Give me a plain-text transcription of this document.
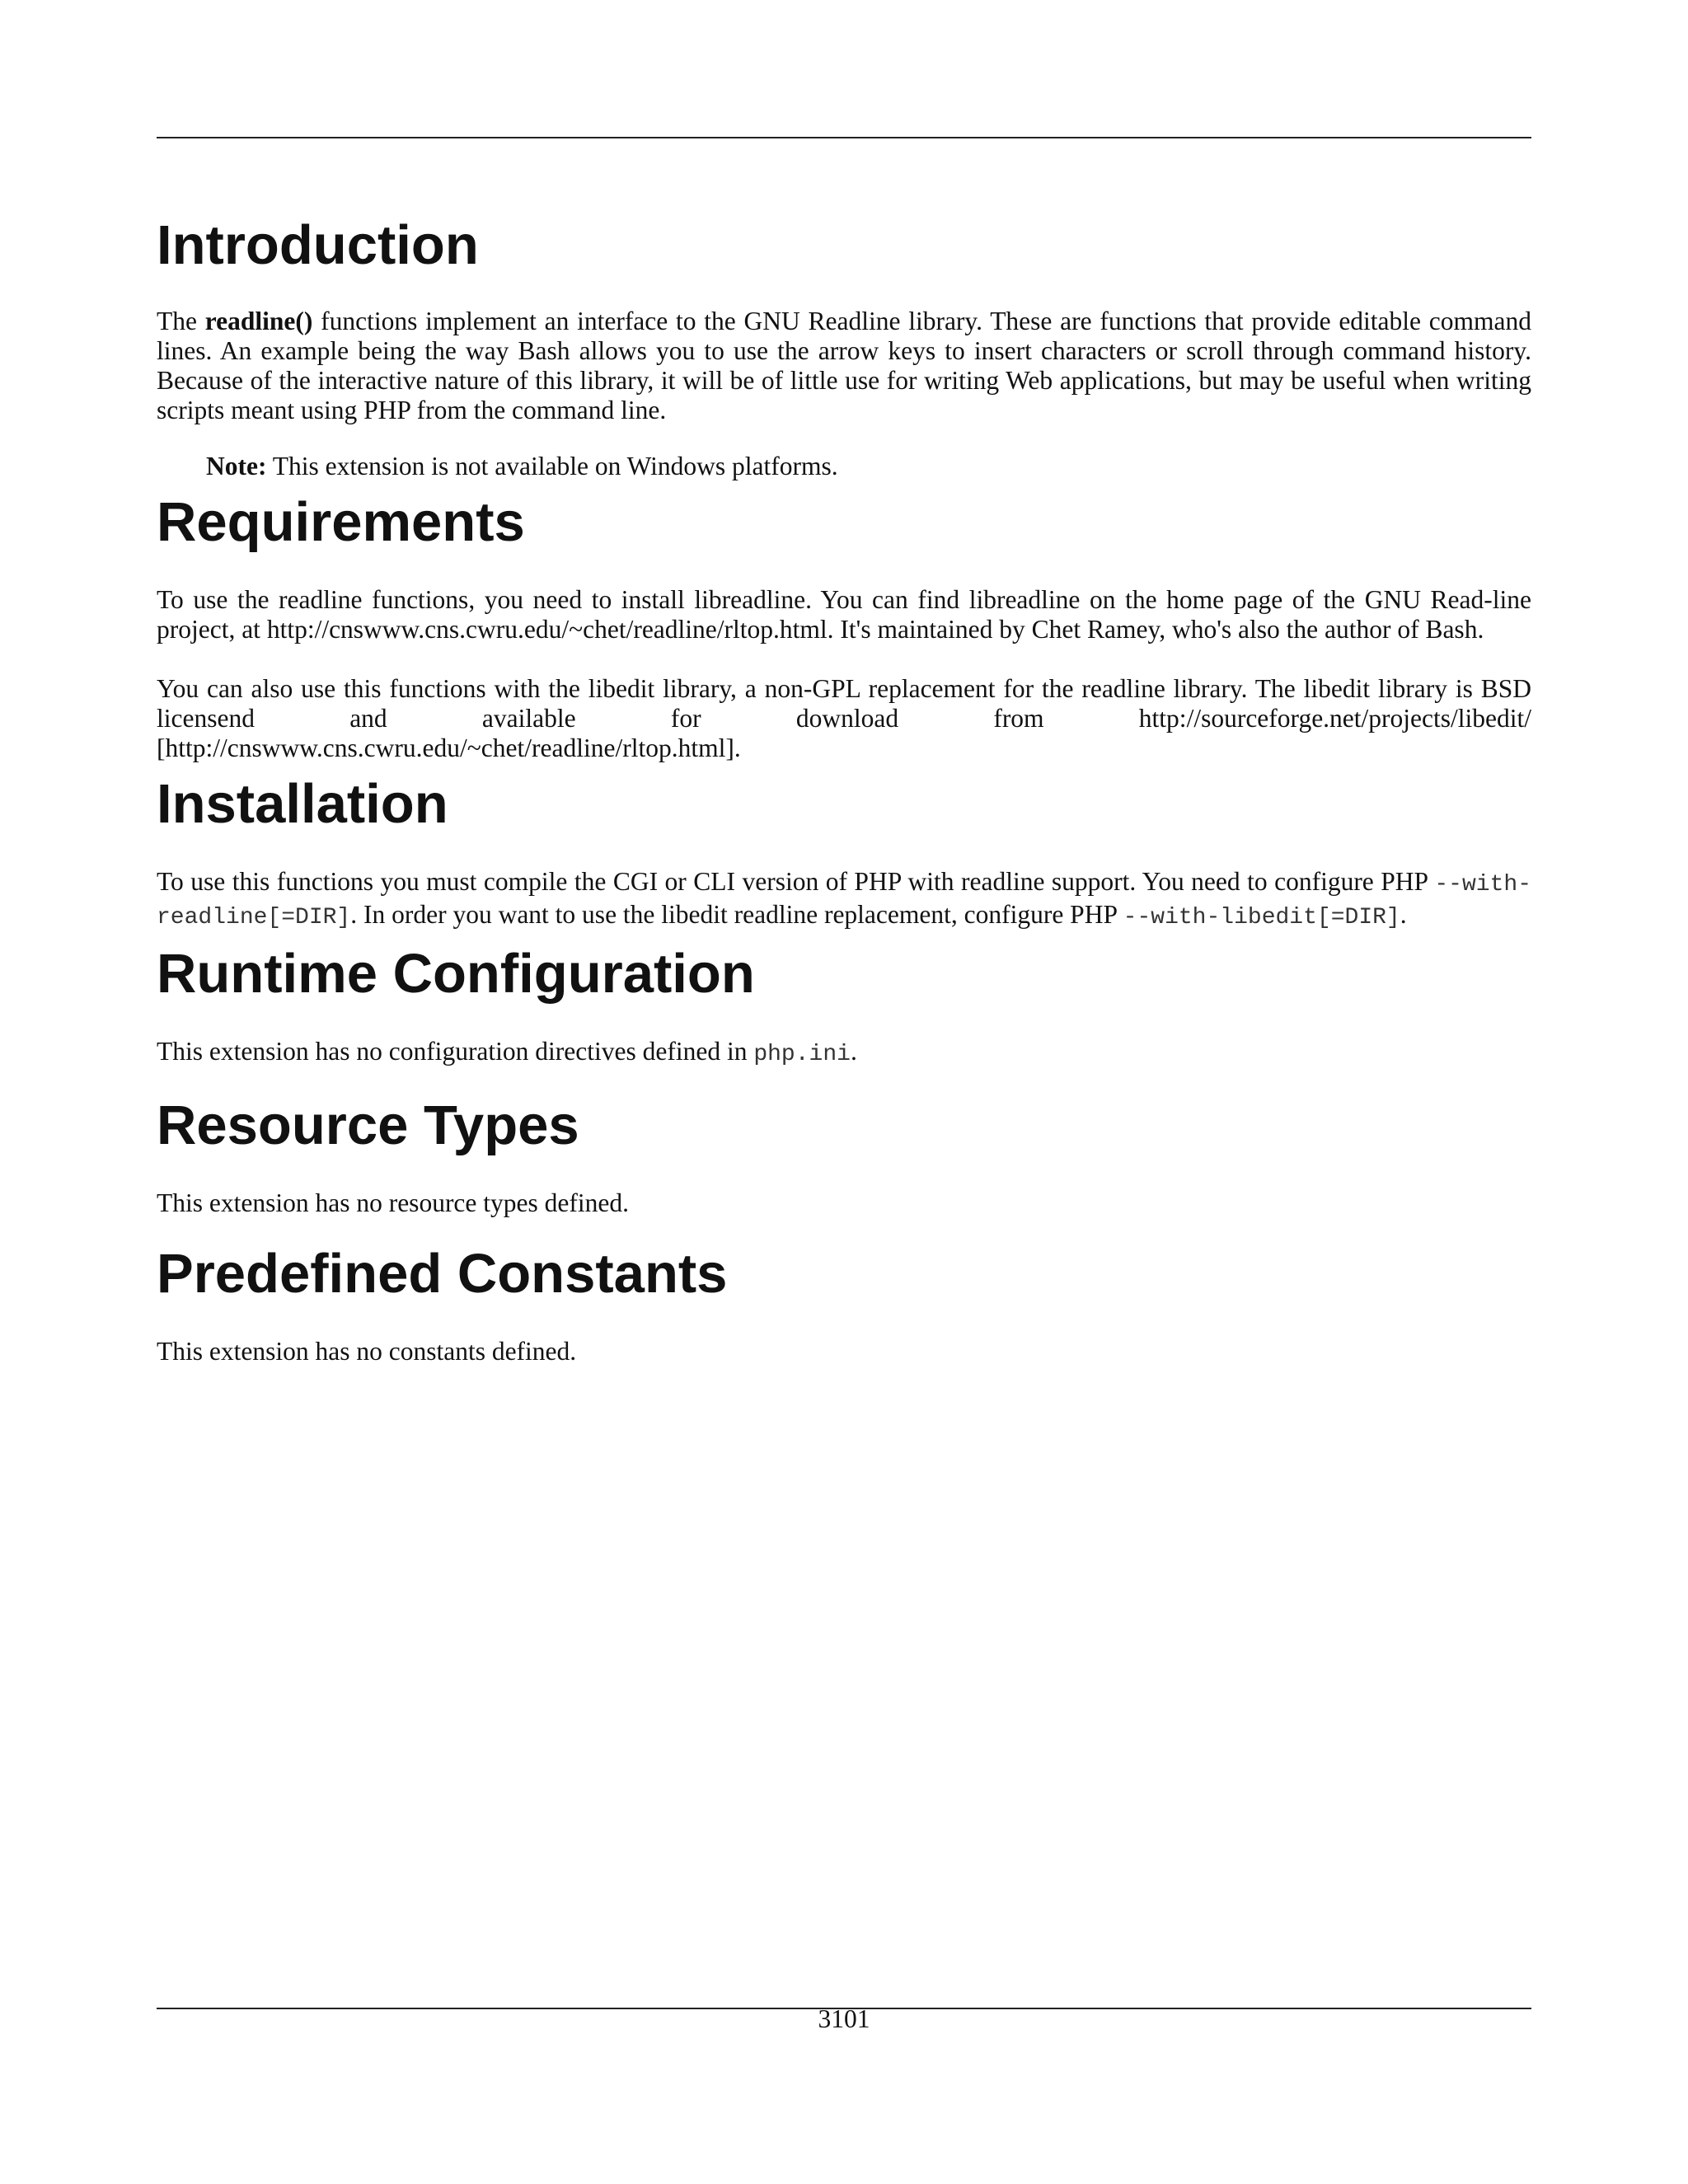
Introduction

The readline() functions implement an interface to the GNU Readline library. These are functions that provide editable command lines. An example being the way Bash allows you to use the arrow keys to insert characters or scroll through command history. Because of the interactive nature of this library, it will be of little use for writing Web applications, but may be useful when writing scripts meant using PHP from the command line.

Note: This extension is not available on Windows platforms.

Requirements

To use the readline functions, you need to install libreadline. You can find libreadline on the home page of the GNU Read-line project, at http://cnswww.cns.cwru.edu/~chet/readline/rltop.html. It's maintained by Chet Ramey, who's also the author of Bash.

You can also use this functions with the libedit library, a non-GPL replacement for the readline library. The libedit library is BSD licensend and available for download from http://sourceforge.net/projects/libedit/ [http://cnswww.cns.cwru.edu/~chet/readline/rltop.html].

Installation

To use this functions you must compile the CGI or CLI version of PHP with readline support. You need to configure PHP --with-readline[=DIR]. In order you want to use the libedit readline replacement, configure PHP --with-libedit[=DIR].

Runtime Configuration

This extension has no configuration directives defined in php.ini.

Resource Types

This extension has no resource types defined.

Predefined Constants

This extension has no constants defined.

3101
